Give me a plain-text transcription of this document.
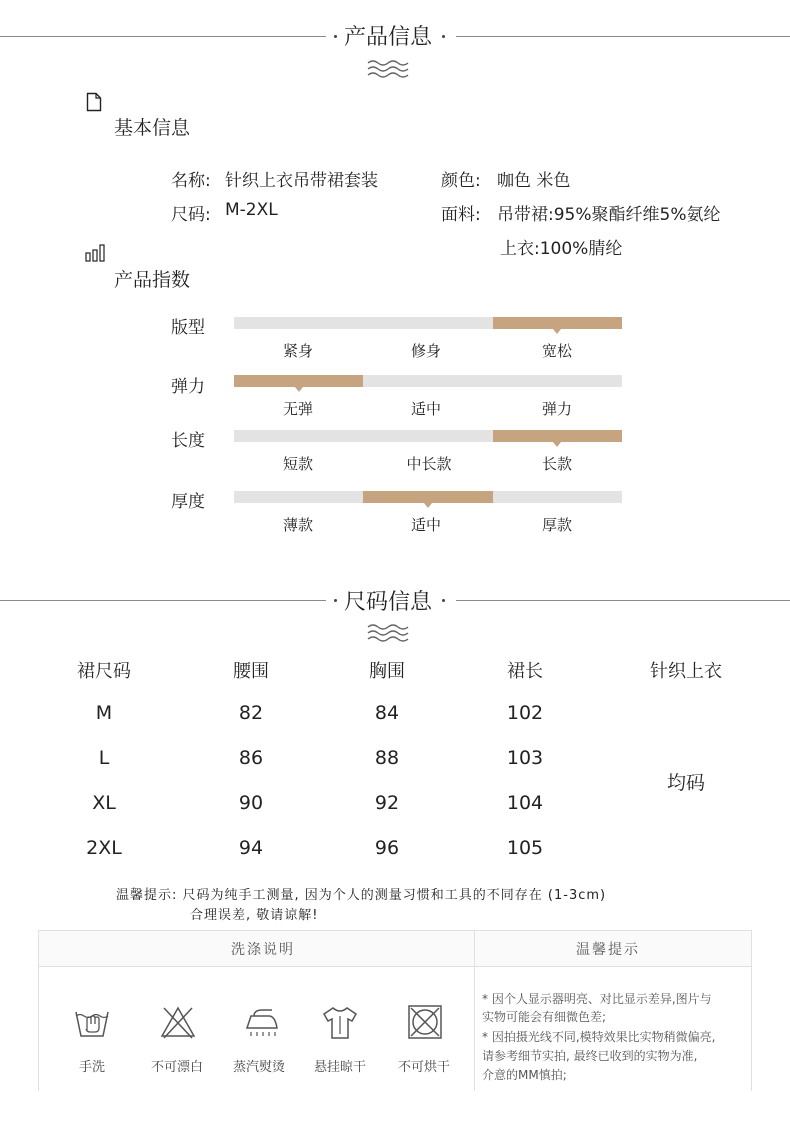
产品信息
基本信息
名称: 针织上衣吊带裙套装	颜色: 咖色 米色
尺码: M-2XL	面料: 吊带裙:95%聚酯纤维5%氨纶
上衣:100%腈纶
产品指数
版型
紧身	修身	宽松
弹力
无弹	适中	弹力
长度
短款	中长款	长款
厚度
薄款	适中	厚款
尺码信息
裙尺码	腰围	胸围	裙长	针织上衣
M	82	84	102
L	86	88	103
XL	90	92	104
2XL	94	96	105
均码
温馨提示: 尺码为纯手工测量, 因为个人的测量习惯和工具的不同存在 (1-3cm)
合理误差, 敬请谅解!
洗涤说明	温馨提示
手洗	不可漂白 蒸汽熨烫 悬挂晾干 不可烘干
* 因个人显示器明亮、对比显示差异,图片与
实物可能会有细微色差;
* 因拍摄光线不同,模特效果比实物稍微偏亮,
请参考细节实拍, 最终已收到的实物为准,
介意的MM慎拍;
